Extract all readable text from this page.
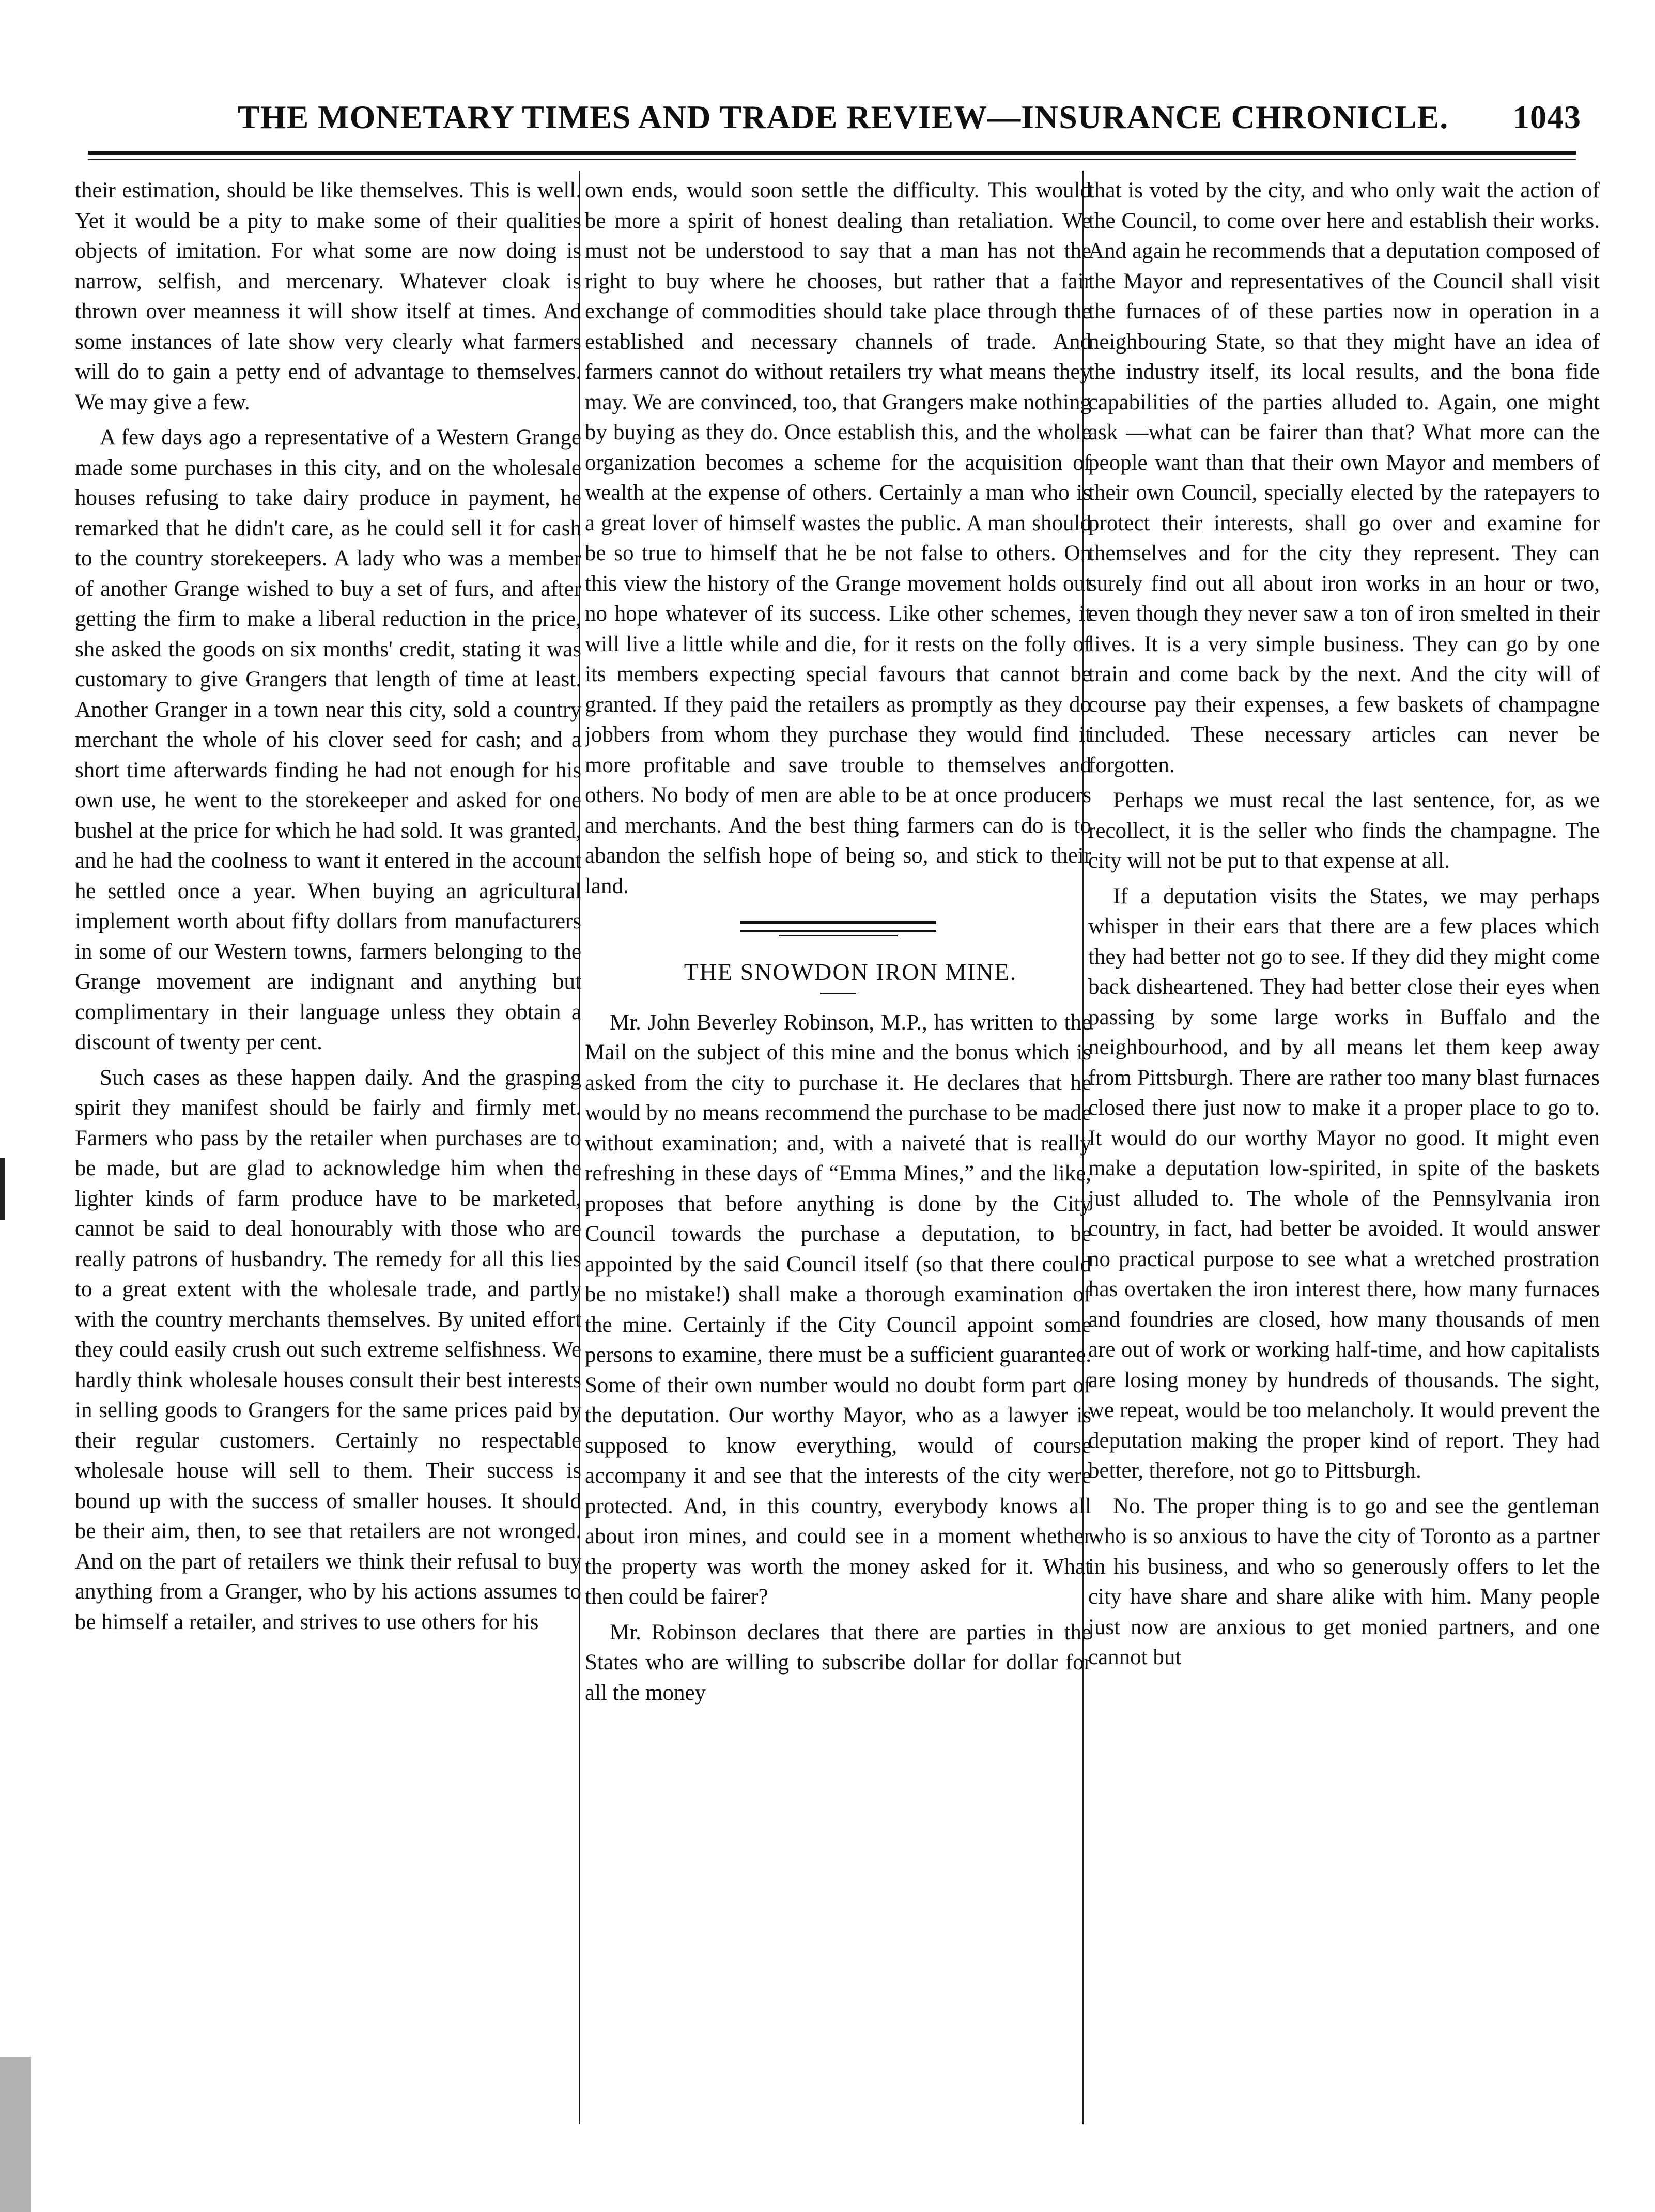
THE MONETARY TIMES AND TRADE REVIEW—INSURANCE CHRONICLE. 1043

their estimation, should be like themselves. This is well. Yet it would be a pity to make some of their qualities objects of imitation. For what some are now doing is narrow, selfish, and mercenary. Whatever cloak is thrown over meanness it will show itself at times. And some instances of late show very clearly what farmers will do to gain a petty end of advantage to themselves. We may give a few.

A few days ago a representative of a Western Grange made some purchases in this city, and on the wholesale houses refusing to take dairy produce in payment, he remarked that he didn't care, as he could sell it for cash to the country storekeepers. A lady who was a member of another Grange wished to buy a set of furs, and after getting the firm to make a liberal reduction in the price, she asked the goods on six months' credit, stating it was customary to give Grangers that length of time at least. Another Granger in a town near this city, sold a country merchant the whole of his clover seed for cash; and a short time afterwards finding he had not enough for his own use, he went to the storekeeper and asked for one bushel at the price for which he had sold. It was granted, and he had the coolness to want it entered in the account he settled once a year. When buying an agricultural implement worth about fifty dollars from manufacturers in some of our Western towns, farmers belonging to the Grange movement are indignant and anything but complimentary in their language unless they obtain a discount of twenty per cent.

Such cases as these happen daily. And the grasping spirit they manifest should be fairly and firmly met. Farmers who pass by the retailer when purchases are to be made, but are glad to acknowledge him when the lighter kinds of farm produce have to be marketed, cannot be said to deal honourably with those who are really patrons of husbandry. The remedy for all this lies to a great extent with the wholesale trade, and partly with the country merchants themselves. By united effort they could easily crush out such extreme selfishness. We hardly think wholesale houses consult their best interests in selling goods to Grangers for the same prices paid by their regular customers. Certainly no respectable wholesale house will sell to them. Their success is bound up with the success of smaller houses. It should be their aim, then, to see that retailers are not wronged. And on the part of retailers we think their refusal to buy anything from a Granger, who by his actions assumes to be himself a retailer, and strives to use others for his

own ends, would soon settle the difficulty. This would be more a spirit of honest dealing than retaliation. We must not be understood to say that a man has not the right to buy where he chooses, but rather that a fair exchange of commodities should take place through the established and necessary channels of trade. And farmers cannot do without retailers try what means they may. We are convinced, too, that Grangers make nothing by buying as they do. Once establish this, and the whole organization becomes a scheme for the acquisition of wealth at the expense of others. Certainly a man who is a great lover of himself wastes the public. A man should be so true to himself that he be not false to others. On this view the history of the Grange movement holds out no hope whatever of its success. Like other schemes, it will live a little while and die, for it rests on the folly of its members expecting special favours that cannot be granted. If they paid the retailers as promptly as they do jobbers from whom they purchase they would find it more profitable and save trouble to themselves and others. No body of men are able to be at once producers and merchants. And the best thing farmers can do is to abandon the selfish hope of being so, and stick to their land.

THE SNOWDON IRON MINE.

Mr. John Beverley Robinson, M.P., has written to the Mail on the subject of this mine and the bonus which is asked from the city to purchase it. He declares that he would by no means recommend the purchase to be made without examination; and, with a naiveté that is really refreshing in these days of “Emma Mines,” and the like, proposes that before anything is done by the City Council towards the purchase a deputation, to be appointed by the said Council itself (so that there could be no mistake!) shall make a thorough examination of the mine. Certainly if the City Council appoint some persons to examine, there must be a sufficient guarantee. Some of their own number would no doubt form part of the deputation. Our worthy Mayor, who as a lawyer is supposed to know everything, would of course accompany it and see that the interests of the city were protected. And, in this country, everybody knows all about iron mines, and could see in a moment whether the property was worth the money asked for it. What then could be fairer?

Mr. Robinson declares that there are parties in the States who are willing to subscribe dollar for dollar for all the money

that is voted by the city, and who only wait the action of the Council, to come over here and establish their works. And again he recommends that a deputation composed of the Mayor and representatives of the Council shall visit the furnaces of of these parties now in operation in a neighbouring State, so that they might have an idea of the industry itself, its local results, and the bona fide capabilities of the parties alluded to. Again, one might ask —what can be fairer than that? What more can the people want than that their own Mayor and members of their own Council, specially elected by the ratepayers to protect their interests, shall go over and examine for themselves and for the city they represent. They can surely find out all about iron works in an hour or two, even though they never saw a ton of iron smelted in their lives. It is a very simple business. They can go by one train and come back by the next. And the city will of course pay their expenses, a few baskets of champagne included. These necessary articles can never be forgotten.

Perhaps we must recal the last sentence, for, as we recollect, it is the seller who finds the champagne. The city will not be put to that expense at all.

If a deputation visits the States, we may perhaps whisper in their ears that there are a few places which they had better not go to see. If they did they might come back disheartened. They had better close their eyes when passing by some large works in Buffalo and the neighbourhood, and by all means let them keep away from Pittsburgh. There are rather too many blast furnaces closed there just now to make it a proper place to go to. It would do our worthy Mayor no good. It might even make a deputation low-spirited, in spite of the baskets just alluded to. The whole of the Pennsylvania iron country, in fact, had better be avoided. It would answer no practical purpose to see what a wretched prostration has overtaken the iron interest there, how many furnaces and foundries are closed, how many thousands of men are out of work or working half-time, and how capitalists are losing money by hundreds of thousands. The sight, we repeat, would be too melancholy. It would prevent the deputation making the proper kind of report. They had better, therefore, not go to Pittsburgh.

No. The proper thing is to go and see the gentleman who is so anxious to have the city of Toronto as a partner in his business, and who so generously offers to let the city have share and share alike with him. Many people just now are anxious to get monied partners, and one cannot but
